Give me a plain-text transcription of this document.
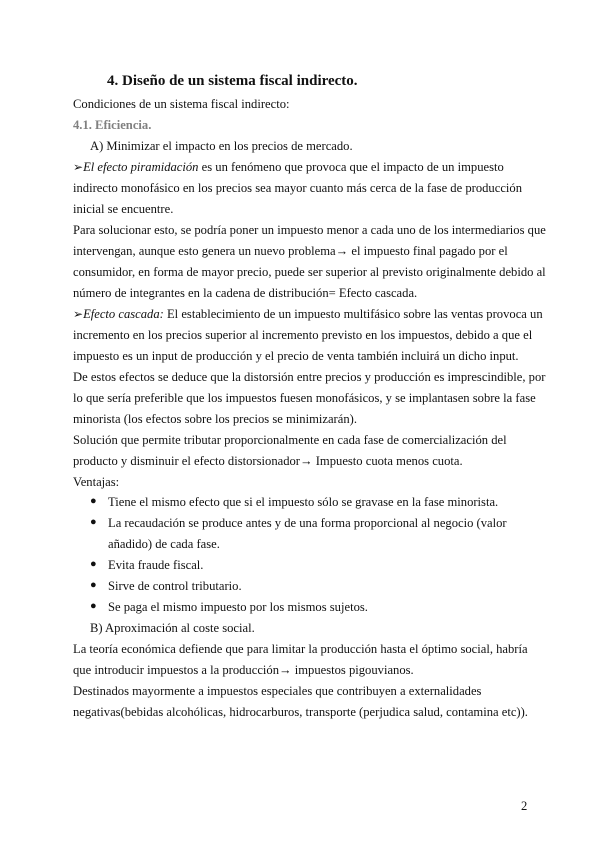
4. Diseño de un sistema fiscal indirecto.
Condiciones de un sistema fiscal indirecto:
4.1. Eficiencia.
A) Minimizar el impacto en los precios de mercado.
➢El efecto piramidación es un fenómeno que provoca que el impacto de un impuesto
indirecto monofásico en los precios sea mayor cuanto más cerca de la fase de producción
inicial se encuentre.
Para solucionar esto, se podría poner un impuesto menor a cada uno de los intermediarios que
intervengan, aunque esto genera un nuevo problema→ el impuesto final pagado por el
consumidor, en forma de mayor precio, puede ser superior al previsto originalmente debido al
número de integrantes en la cadena de distribución= Efecto cascada.
➢Efecto cascada: El establecimiento de un impuesto multifásico sobre las ventas provoca un
incremento en los precios superior al incremento previsto en los impuestos, debido a que el
impuesto es un input de producción y el precio de venta también incluirá un dicho input.
De estos efectos se deduce que la distorsión entre precios y producción es imprescindible, por
lo que sería preferible que los impuestos fuesen monofásicos, y se implantasen sobre la fase
minorista (los efectos sobre los precios se minimizarán).
Solución que permite tributar proporcionalmente en cada fase de comercialización del
producto y disminuir el efecto distorsionador→ Impuesto cuota menos cuota.
Ventajas:
● Tiene el mismo efecto que si el impuesto sólo se gravase en la fase minorista.
● La recaudación se produce antes y de una forma proporcional al negocio (valor
añadido) de cada fase.
● Evita fraude fiscal.
● Sirve de control tributario.
● Se paga el mismo impuesto por los mismos sujetos.
B) Aproximación al coste social.
La teoría económica defiende que para limitar la producción hasta el óptimo social, habría
que introducir impuestos a la producción→ impuestos pigouvianos.
Destinados mayormente a impuestos especiales que contribuyen a externalidades
negativas(bebidas alcohólicas, hidrocarburos, transporte (perjudica salud, contamina etc)).
2
